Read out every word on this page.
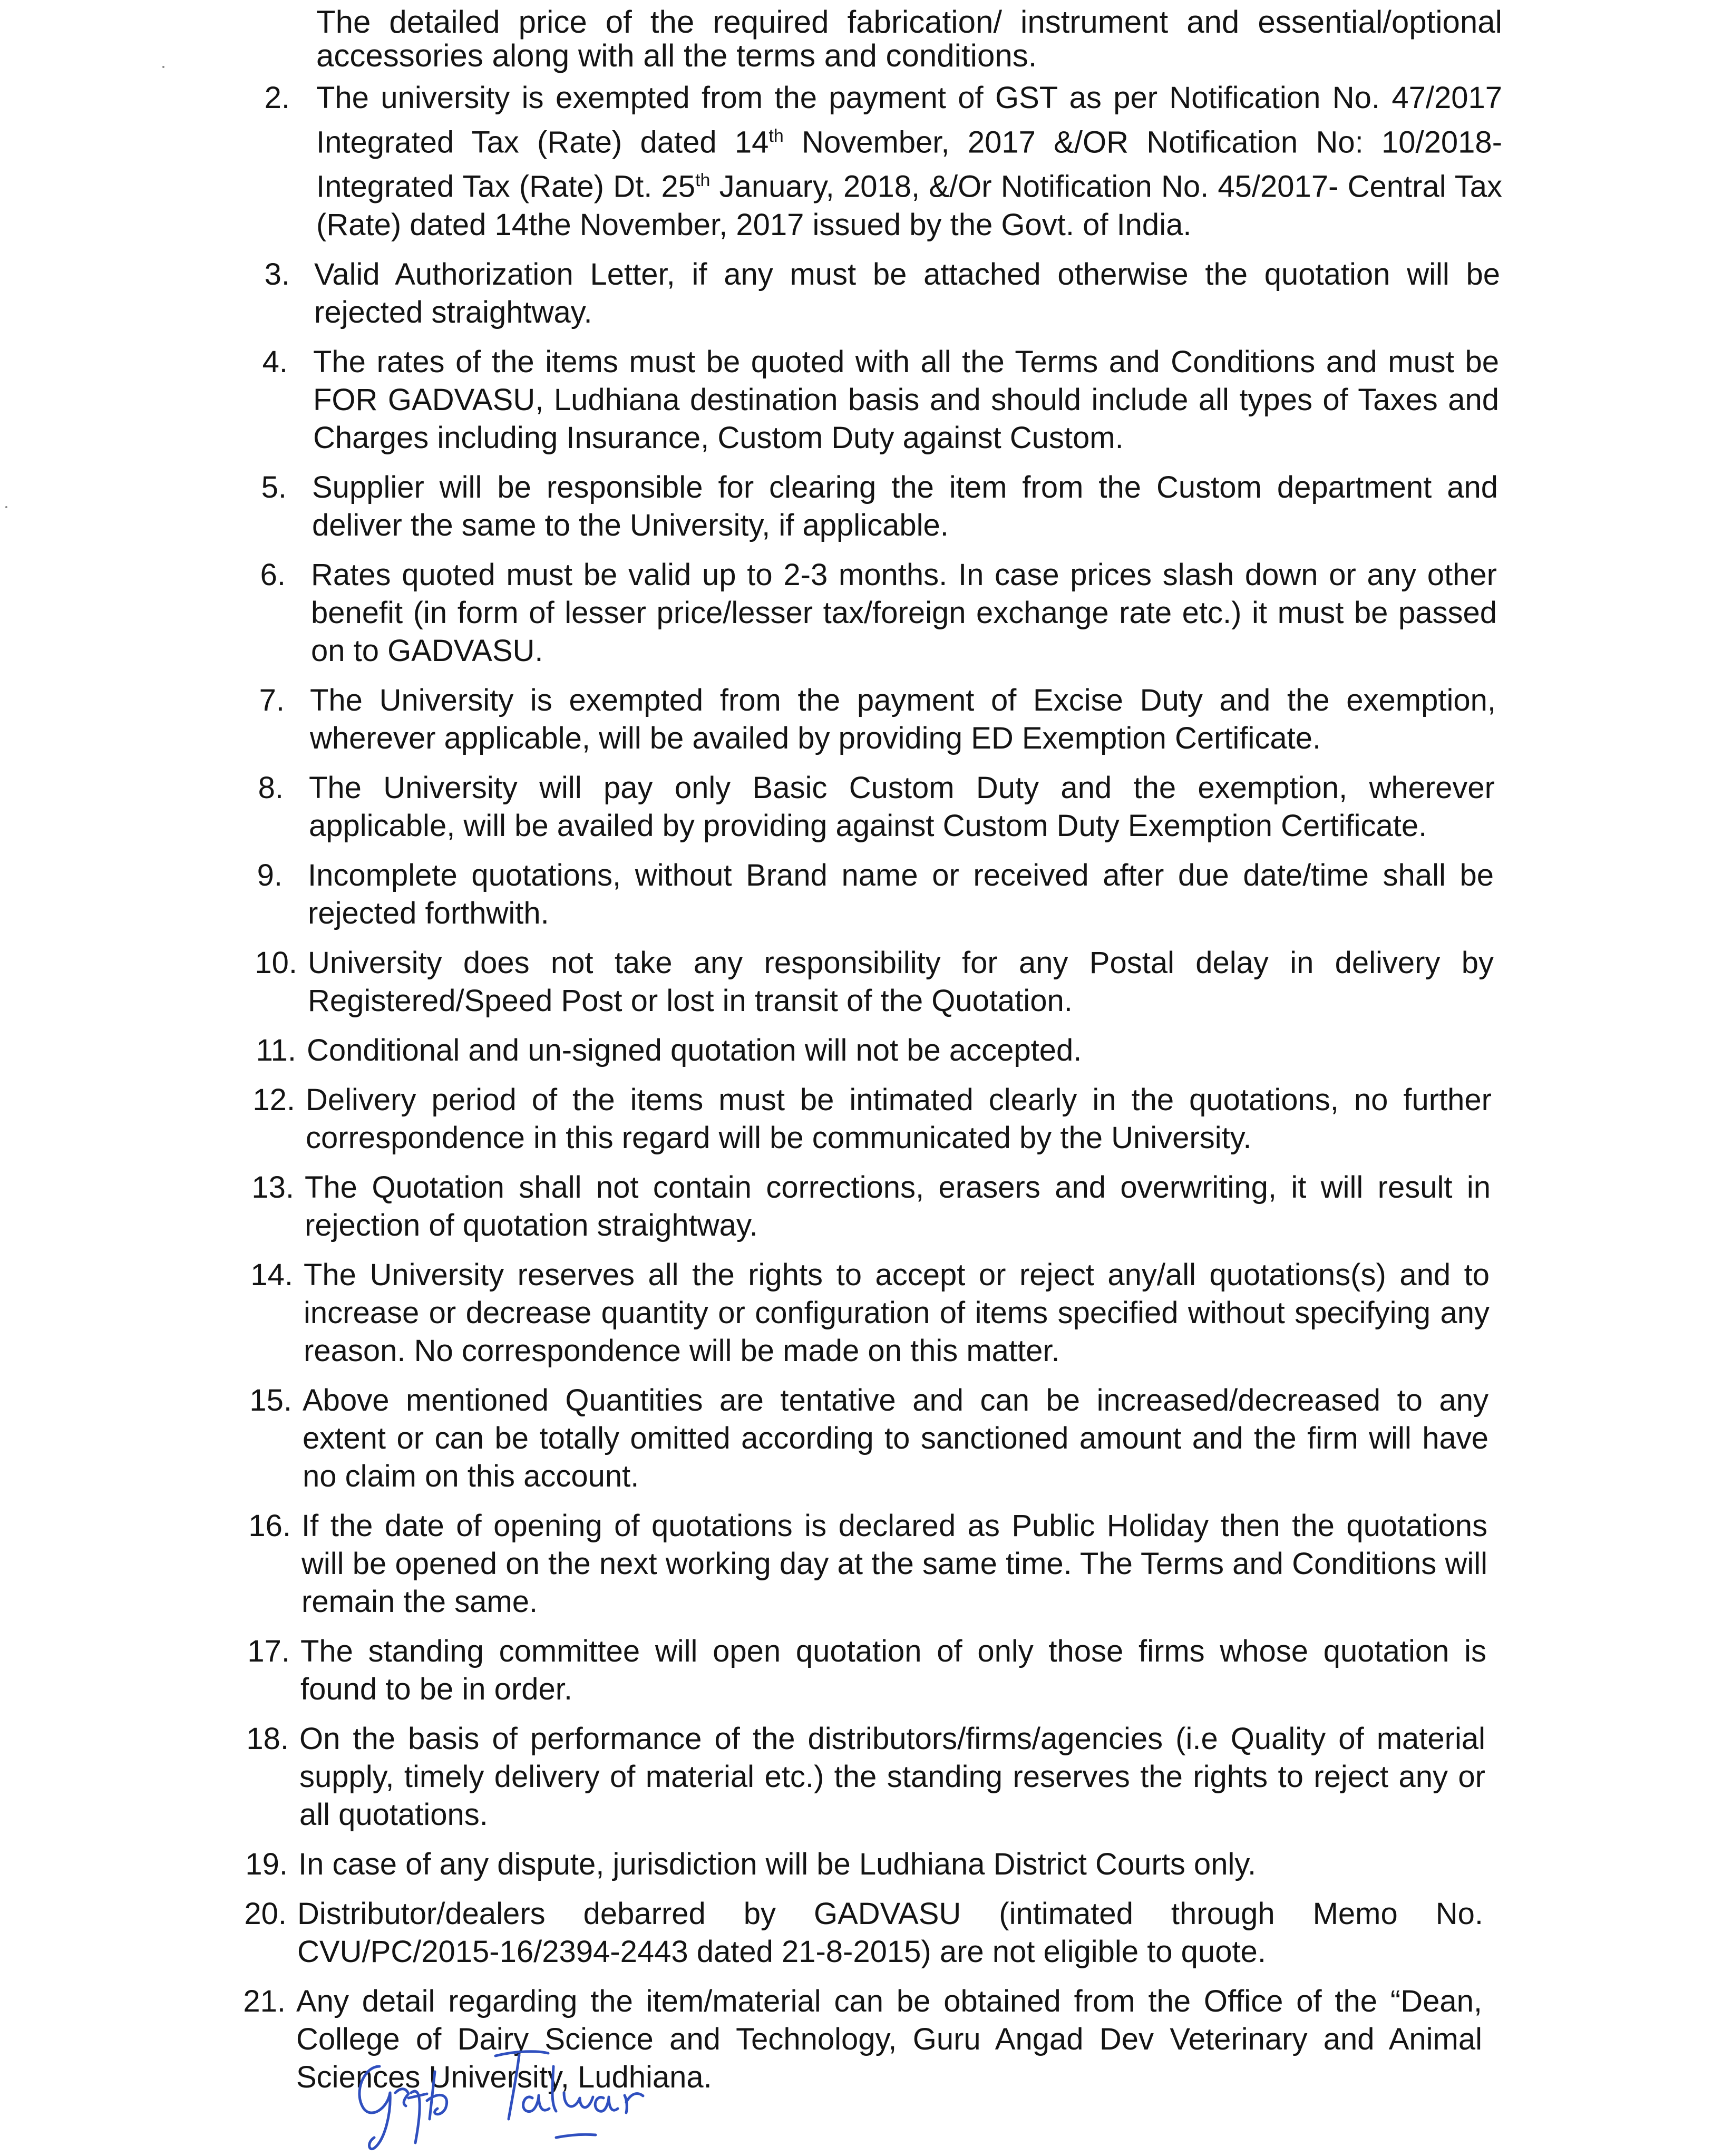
The detailed price of the required fabrication/ instrument and essential/optional accessories along with all the terms and conditions.

2. The university is exempted from the payment of GST as per Notification No. 47/2017 Integrated Tax (Rate) dated 14th November, 2017 &/OR Notification No: 10/2018-Integrated Tax (Rate) Dt. 25th January, 2018, &/Or Notification No. 45/2017- Central Tax (Rate) dated 14the November, 2017 issued by the Govt. of India.
3. Valid Authorization Letter, if any must be attached otherwise the quotation will be rejected straightway.
4. The rates of the items must be quoted with all the Terms and Conditions and must be FOR GADVASU, Ludhiana destination basis and should include all types of Taxes and Charges including Insurance, Custom Duty against Custom.
5. Supplier will be responsible for clearing the item from the Custom department and deliver the same to the University, if applicable.
6. Rates quoted must be valid up to 2-3 months. In case prices slash down or any other benefit (in form of lesser price/lesser tax/foreign exchange rate etc.) it must be passed on to GADVASU.
7. The University is exempted from the payment of Excise Duty and the exemption, wherever applicable, will be availed by providing ED Exemption Certificate.
8. The University will pay only Basic Custom Duty and the exemption, wherever applicable, will be availed by providing against Custom Duty Exemption Certificate.
9. Incomplete quotations, without Brand name or received after due date/time shall be rejected forthwith.
10. University does not take any responsibility for any Postal delay in delivery by Registered/Speed Post or lost in transit of the Quotation.
11. Conditional and un-signed quotation will not be accepted.
12. Delivery period of the items must be intimated clearly in the quotations, no further correspondence in this regard will be communicated by the University.
13. The Quotation shall not contain corrections, erasers and overwriting, it will result in rejection of quotation straightway.
14. The University reserves all the rights to accept or reject any/all quotations(s) and to increase or decrease quantity or configuration of items specified without specifying any reason. No correspondence will be made on this matter.
15. Above mentioned Quantities are tentative and can be increased/decreased to any extent or can be totally omitted according to sanctioned amount and the firm will have no claim on this account.
16. If the date of opening of quotations is declared as Public Holiday then the quotations will be opened on the next working day at the same time. The Terms and Conditions will remain the same.
17. The standing committee will open quotation of only those firms whose quotation is found to be in order.
18. On the basis of performance of the distributors/firms/agencies (i.e Quality of material supply, timely delivery of material etc.) the standing reserves the rights to reject any or all quotations.
19. In case of any dispute, jurisdiction will be Ludhiana District Courts only.
20. Distributor/dealers debarred by GADVASU (intimated through Memo No. CVU/PC/2015-16/2394-2443 dated 21-8-2015) are not eligible to quote.
21. Any detail regarding the item/material can be obtained from the Office of the “Dean, College of Dairy Science and Technology, Guru Angad Dev Veterinary and Animal Sciences University, Ludhiana.
